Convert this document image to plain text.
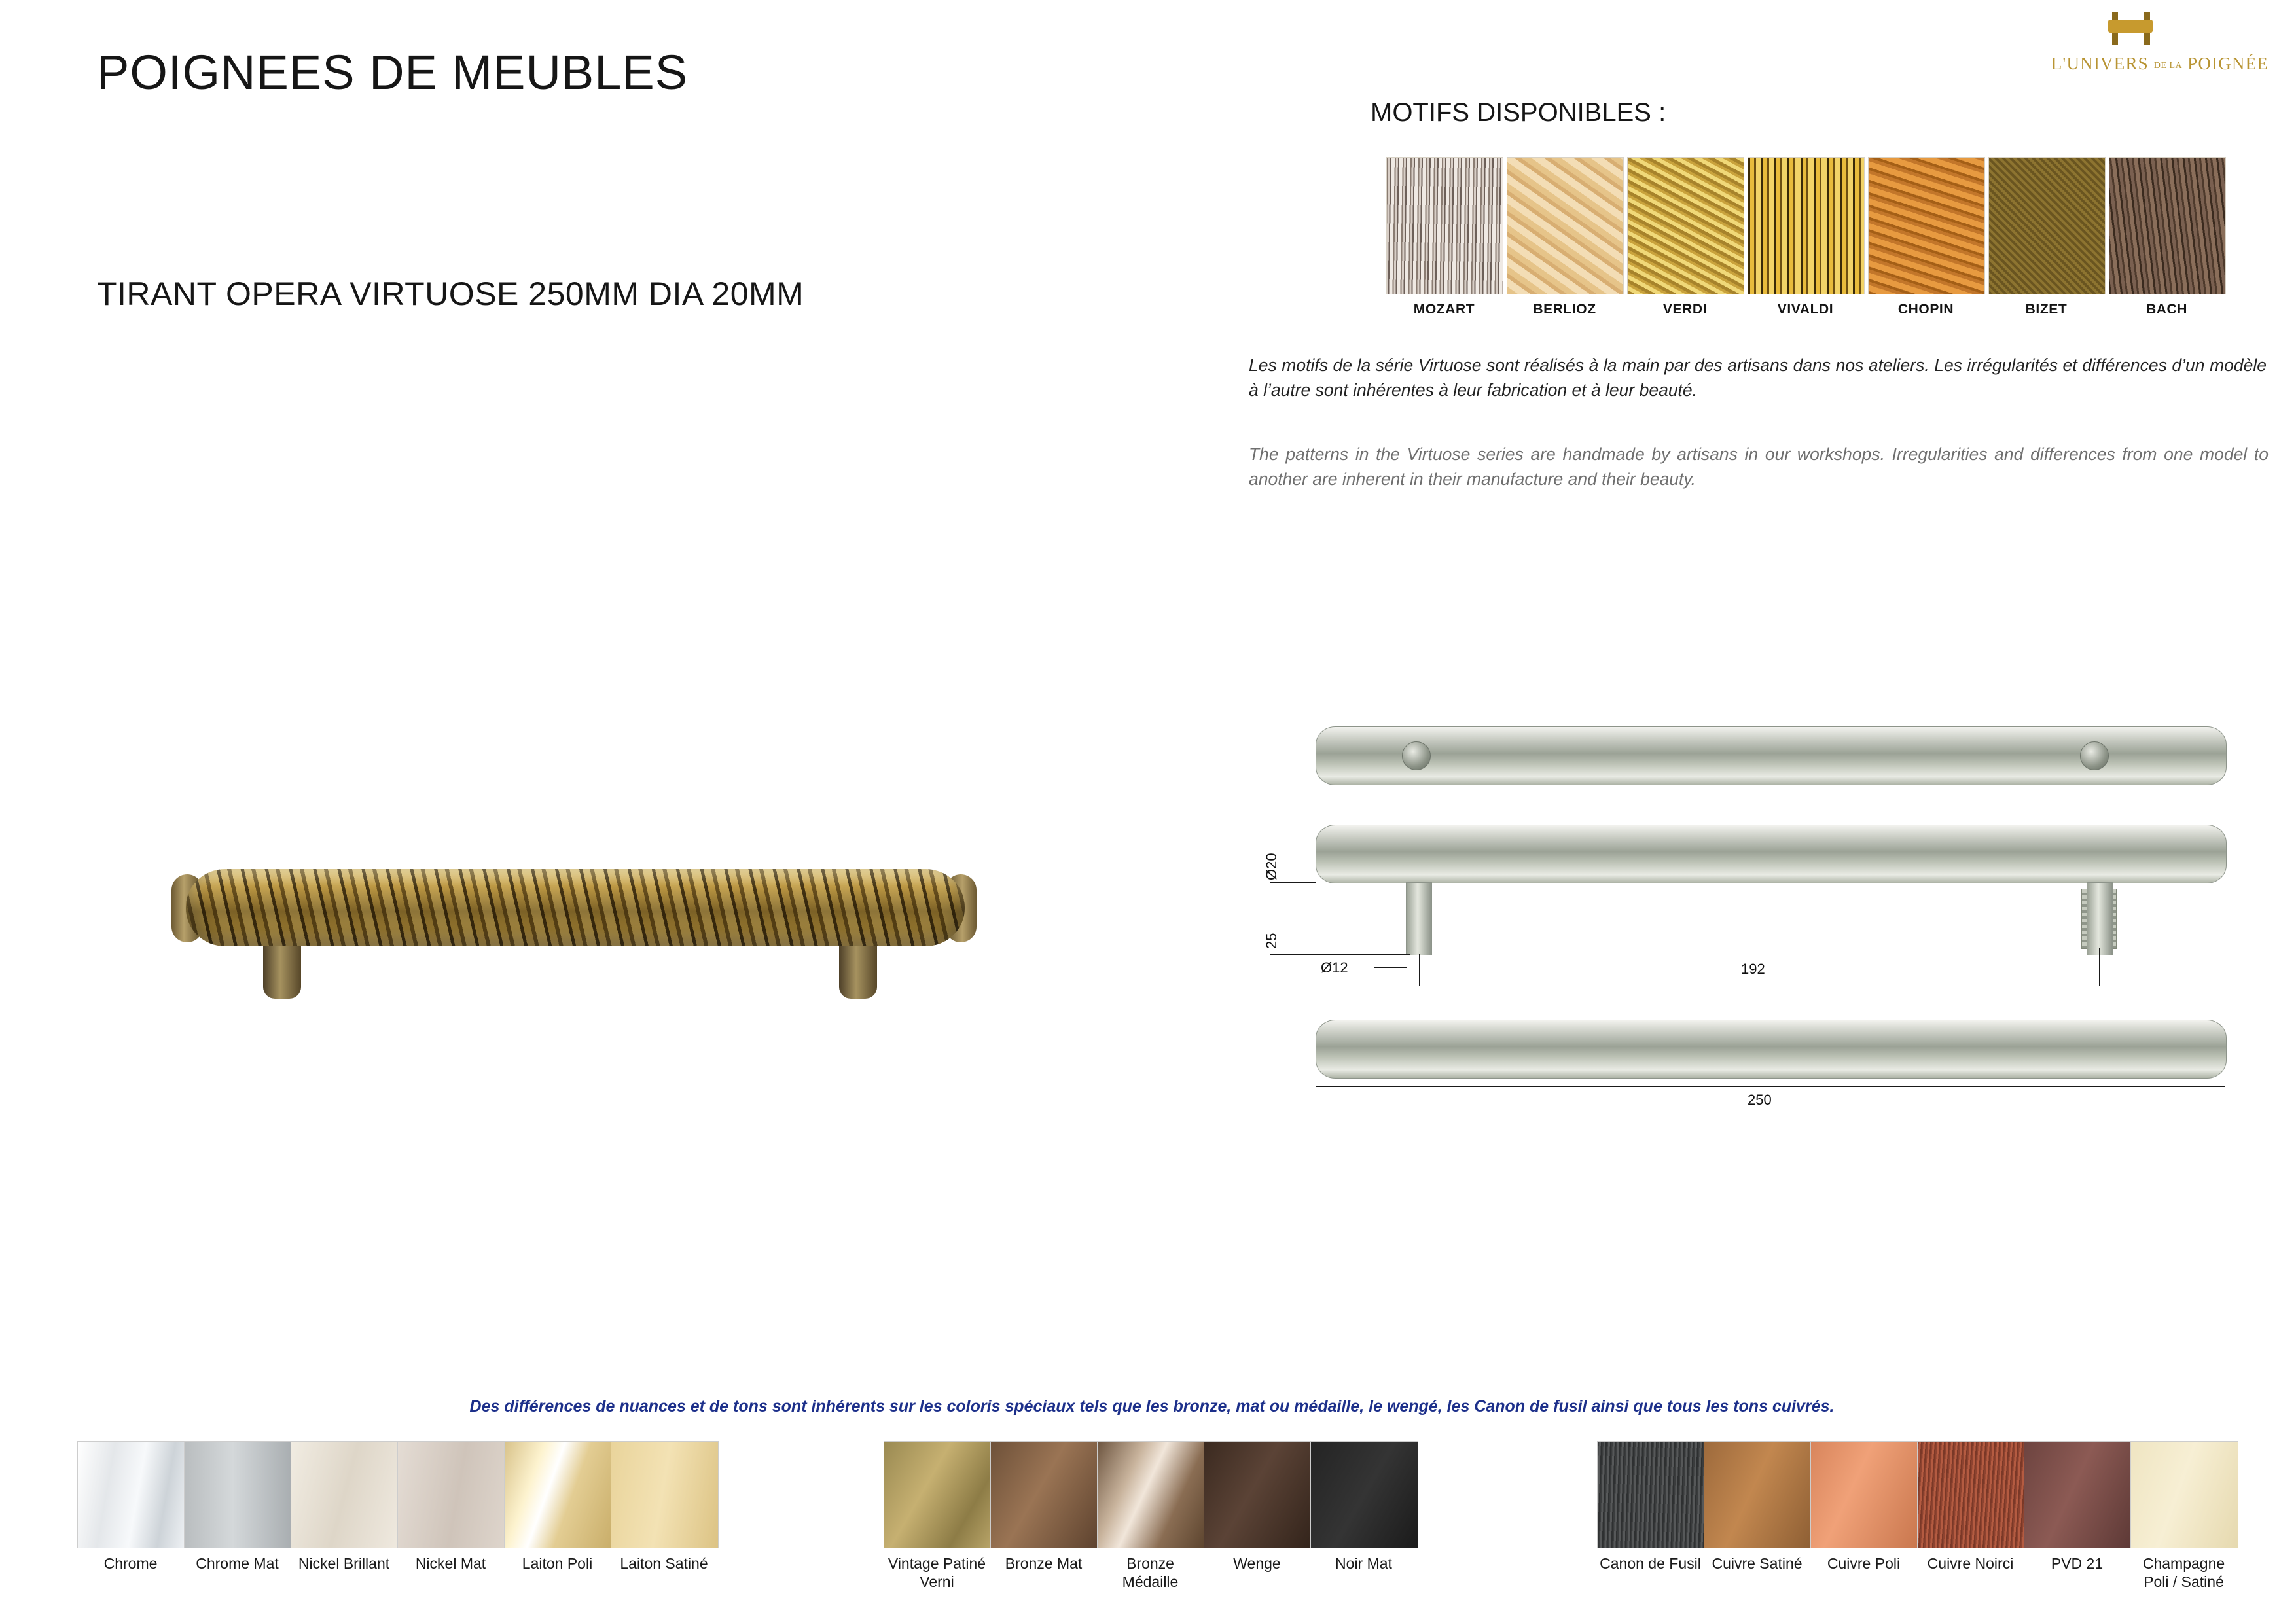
POIGNEES DE MEUBLES
TIRANT OPERA VIRTUOSE 250MM DIA 20MM
L'UNIVERS DE LA POIGNÉE
MOTIFS DISPONIBLES :
MOZART	BERLIOZ	VERDI	VIVALDI	CHOPIN	BIZET	BACH
Les motifs de la série Virtuose sont réalisés à la main par des artisans dans nos ateliers. Les irrégularités et différences d’un modèle à l’autre sont inhérentes à leur fabrication et à leur beauté.
The patterns in the Virtuose series are handmade by artisans in our workshops. Irregularities and differences from one model to another are inherent in their manufacture and their beauty.
Ø20
25
Ø12	192
250
Des différences de nuances et de tons sont inhérents sur les coloris spéciaux tels que les bronze, mat ou médaille, le wengé, les Canon de fusil ainsi que tous les tons cuivrés.
Chrome	Chrome Mat	Nickel Brillant	Nickel Mat	Laiton Poli	Laiton Satiné	Vintage Patiné Verni
Bronze Mat	Bronze Médaille
Wenge	Noir Mat	Canon de Fusil Cuivre Satiné	Cuivre Poli	Cuivre Noirci	PVD 21	Champagne Poli / Satiné
